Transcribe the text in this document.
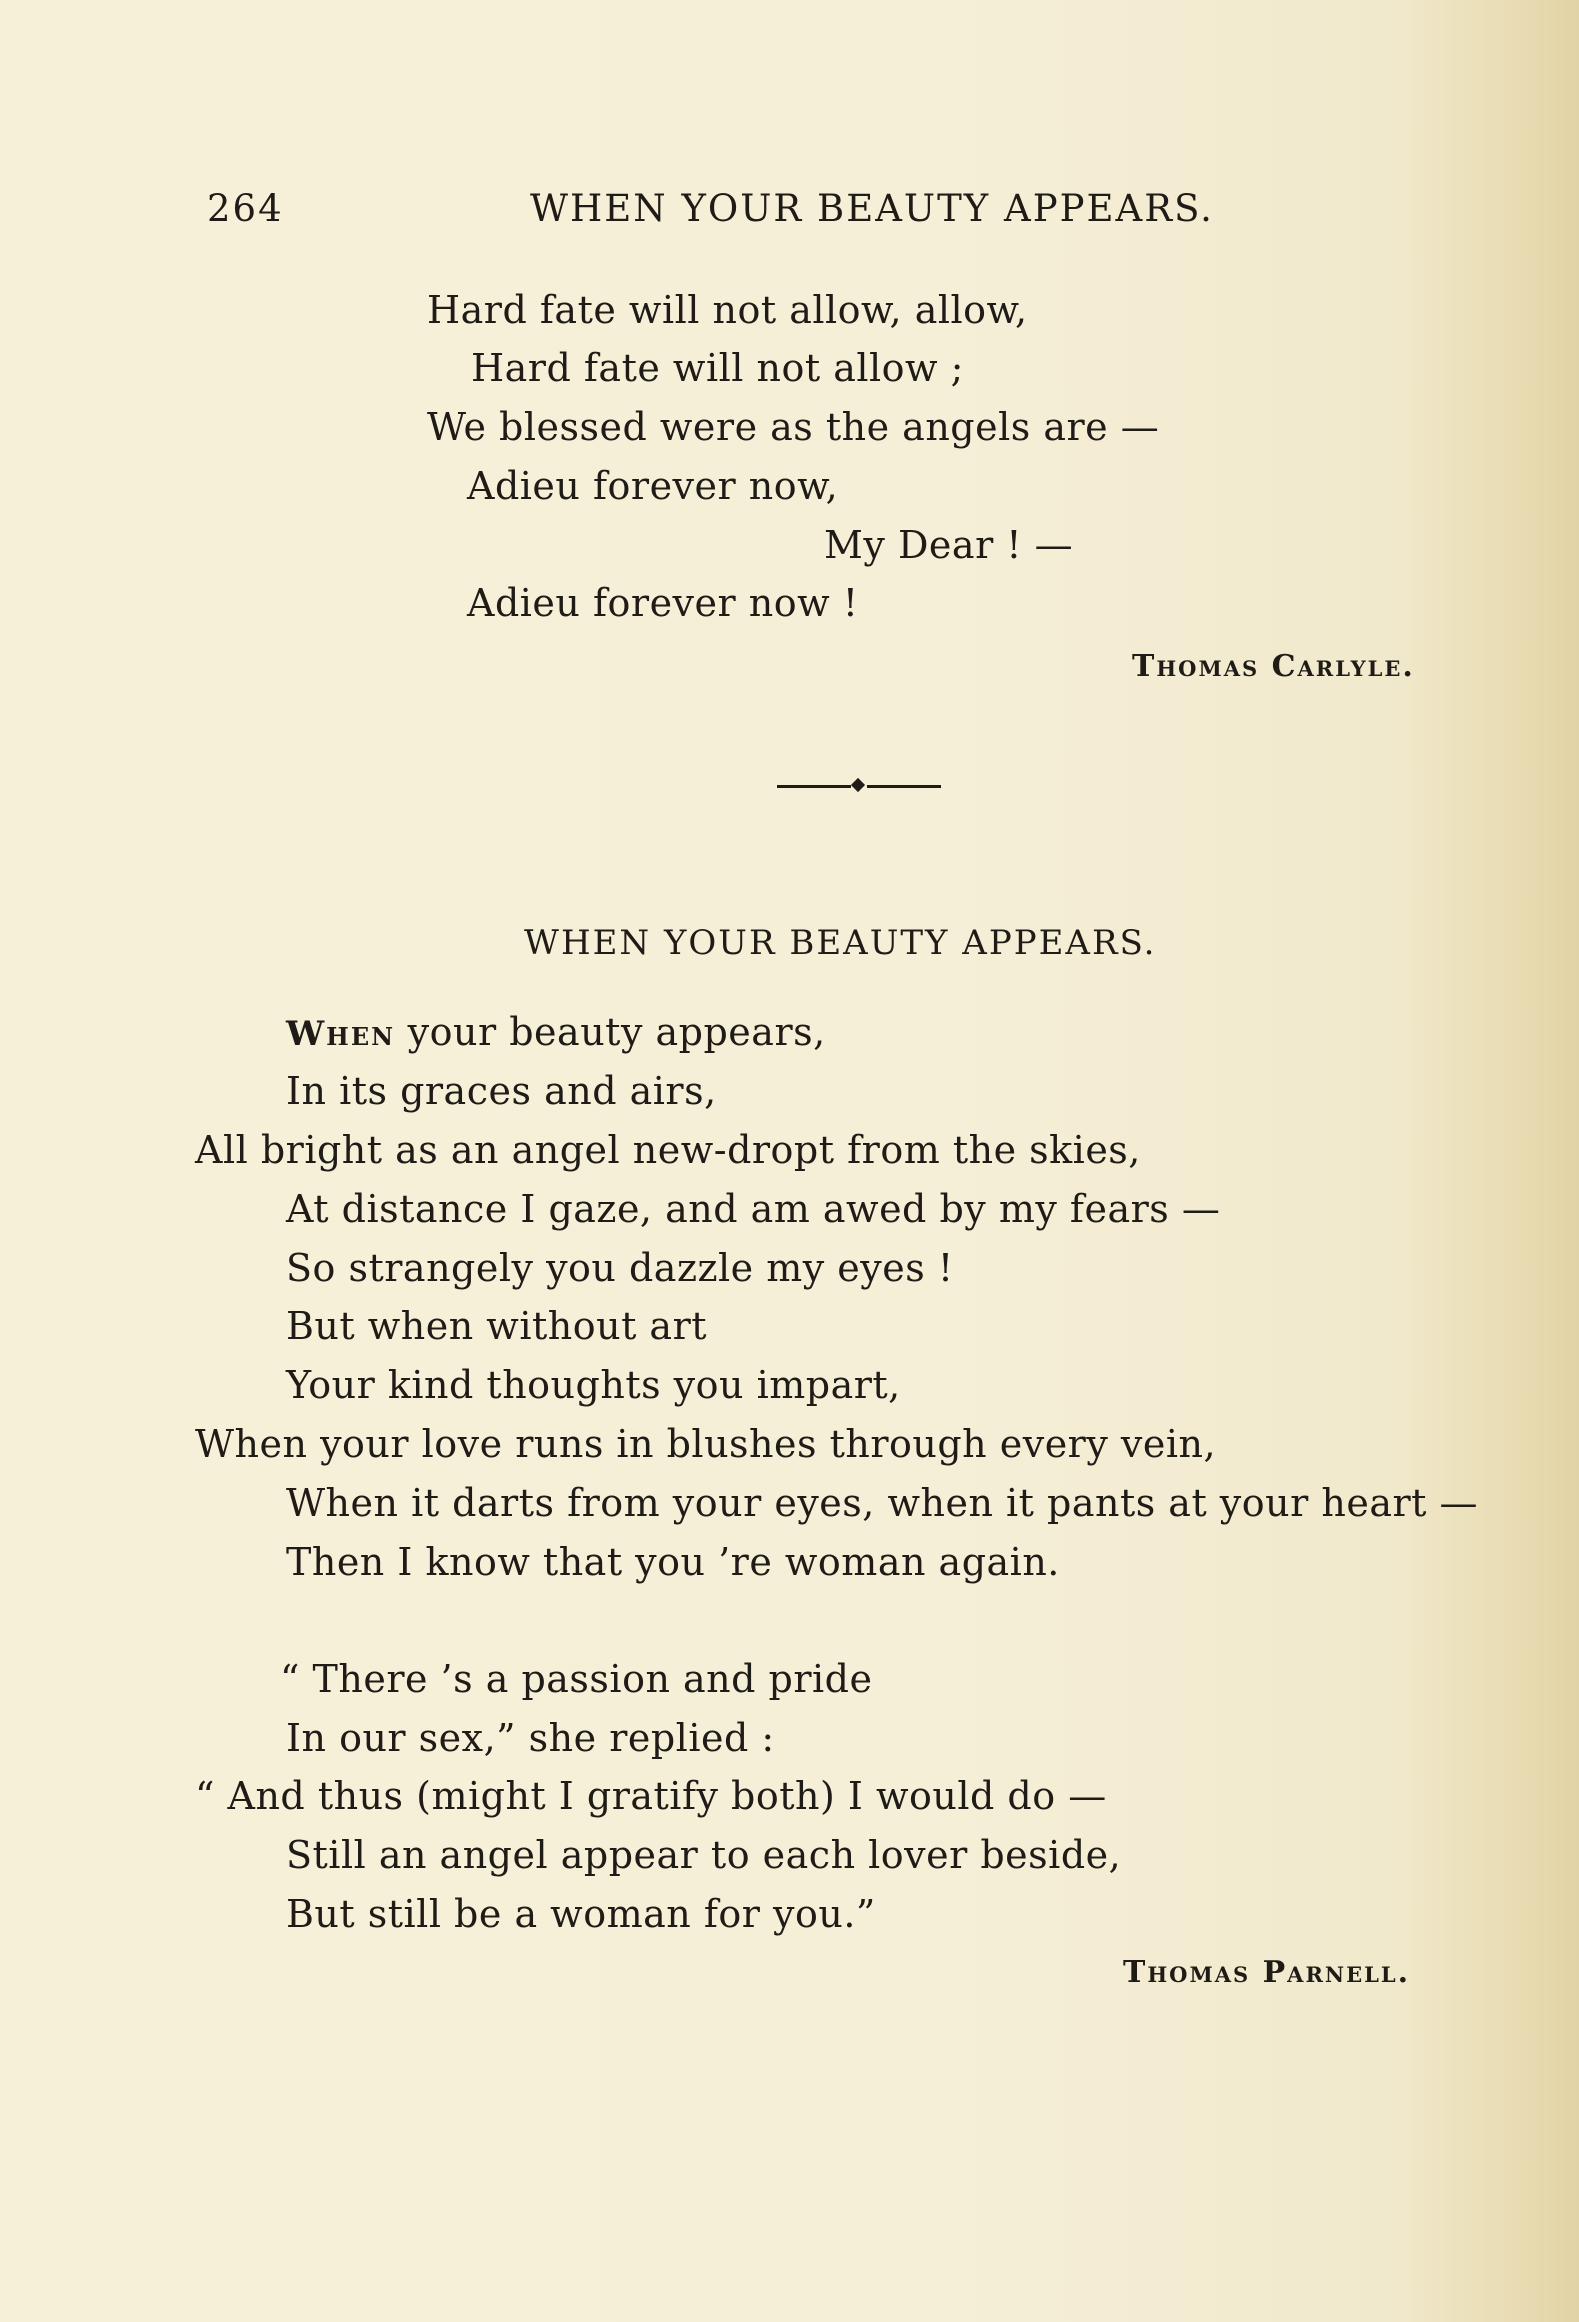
264	WHEN YOUR BEAUTY APPEARS.
Hard fate will not allow, allow,
Hard fate will not allow ;
We blessed were as the angels are —
Adieu forever now,
My Dear ! —
Adieu forever now !
Thomas Carlyle.
WHEN YOUR BEAUTY APPEARS.
When your beauty appears,
In its graces and airs,
All bright as an angel new-dropt from the skies,
At distance I gaze, and am awed by my fears —
So strangely you dazzle my eyes !
But when without art
Your kind thoughts you impart,
When your love runs in blushes through every vein,
When it darts from your eyes, when it pants at your heart —
Then I know that you ’re woman again.
“ There ’s a passion and pride
In our sex,” she replied :
“ And thus (might I gratify both) I would do —
Still an angel appear to each lover beside,
But still be a woman for you.”
Thomas Parnell.
